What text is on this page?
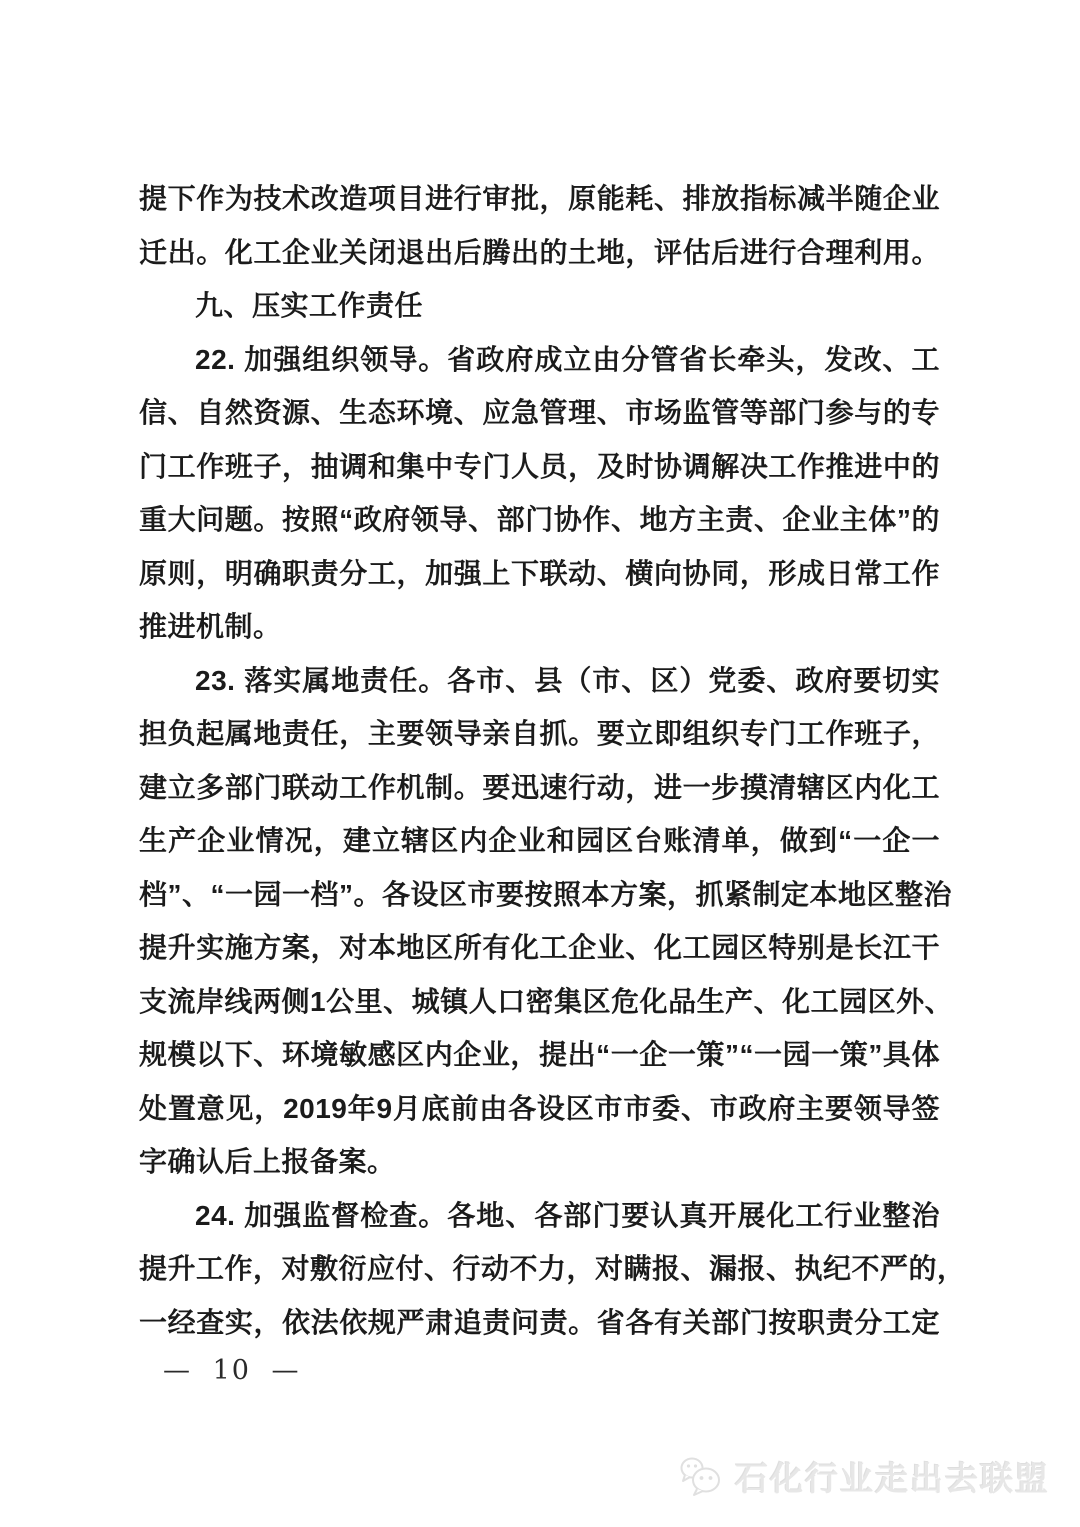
提下作为技术改造项目进行审批，原能耗、排放指标减半随企业
迁出。化工企业关闭退出后腾出的土地，评估后进行合理利用。
九、压实工作责任
22. 加强组织领导。省政府成立由分管省长牵头，发改、工
信、自然资源、生态环境、应急管理、市场监管等部门参与的专
门工作班子，抽调和集中专门人员，及时协调解决工作推进中的
重大问题。按照“政府领导、部门协作、地方主责、企业主体”的
原则，明确职责分工，加强上下联动、横向协同，形成日常工作
推进机制。
23. 落实属地责任。各市、县（市、区）党委、政府要切实
担负起属地责任，主要领导亲自抓。要立即组织专门工作班子，
建立多部门联动工作机制。要迅速行动，进一步摸清辖区内化工
生产企业情况，建立辖区内企业和园区台账清单，做到“一企一
档”、“一园一档”。各设区市要按照本方案，抓紧制定本地区整治
提升实施方案，对本地区所有化工企业、化工园区特别是长江干
支流岸线两侧1公里、城镇人口密集区危化品生产、化工园区外、
规模以下、环境敏感区内企业，提出“一企一策”“一园一策”具体
处置意见，2019年9月底前由各设区市市委、市政府主要领导签
字确认后上报备案。
24. 加强监督检查。各地、各部门要认真开展化工行业整治
提升工作，对敷衍应付、行动不力，对瞒报、漏报、执纪不严的，
一经查实，依法依规严肃追责问责。省各有关部门按职责分工定
— 10 —
石化行业走出去联盟
